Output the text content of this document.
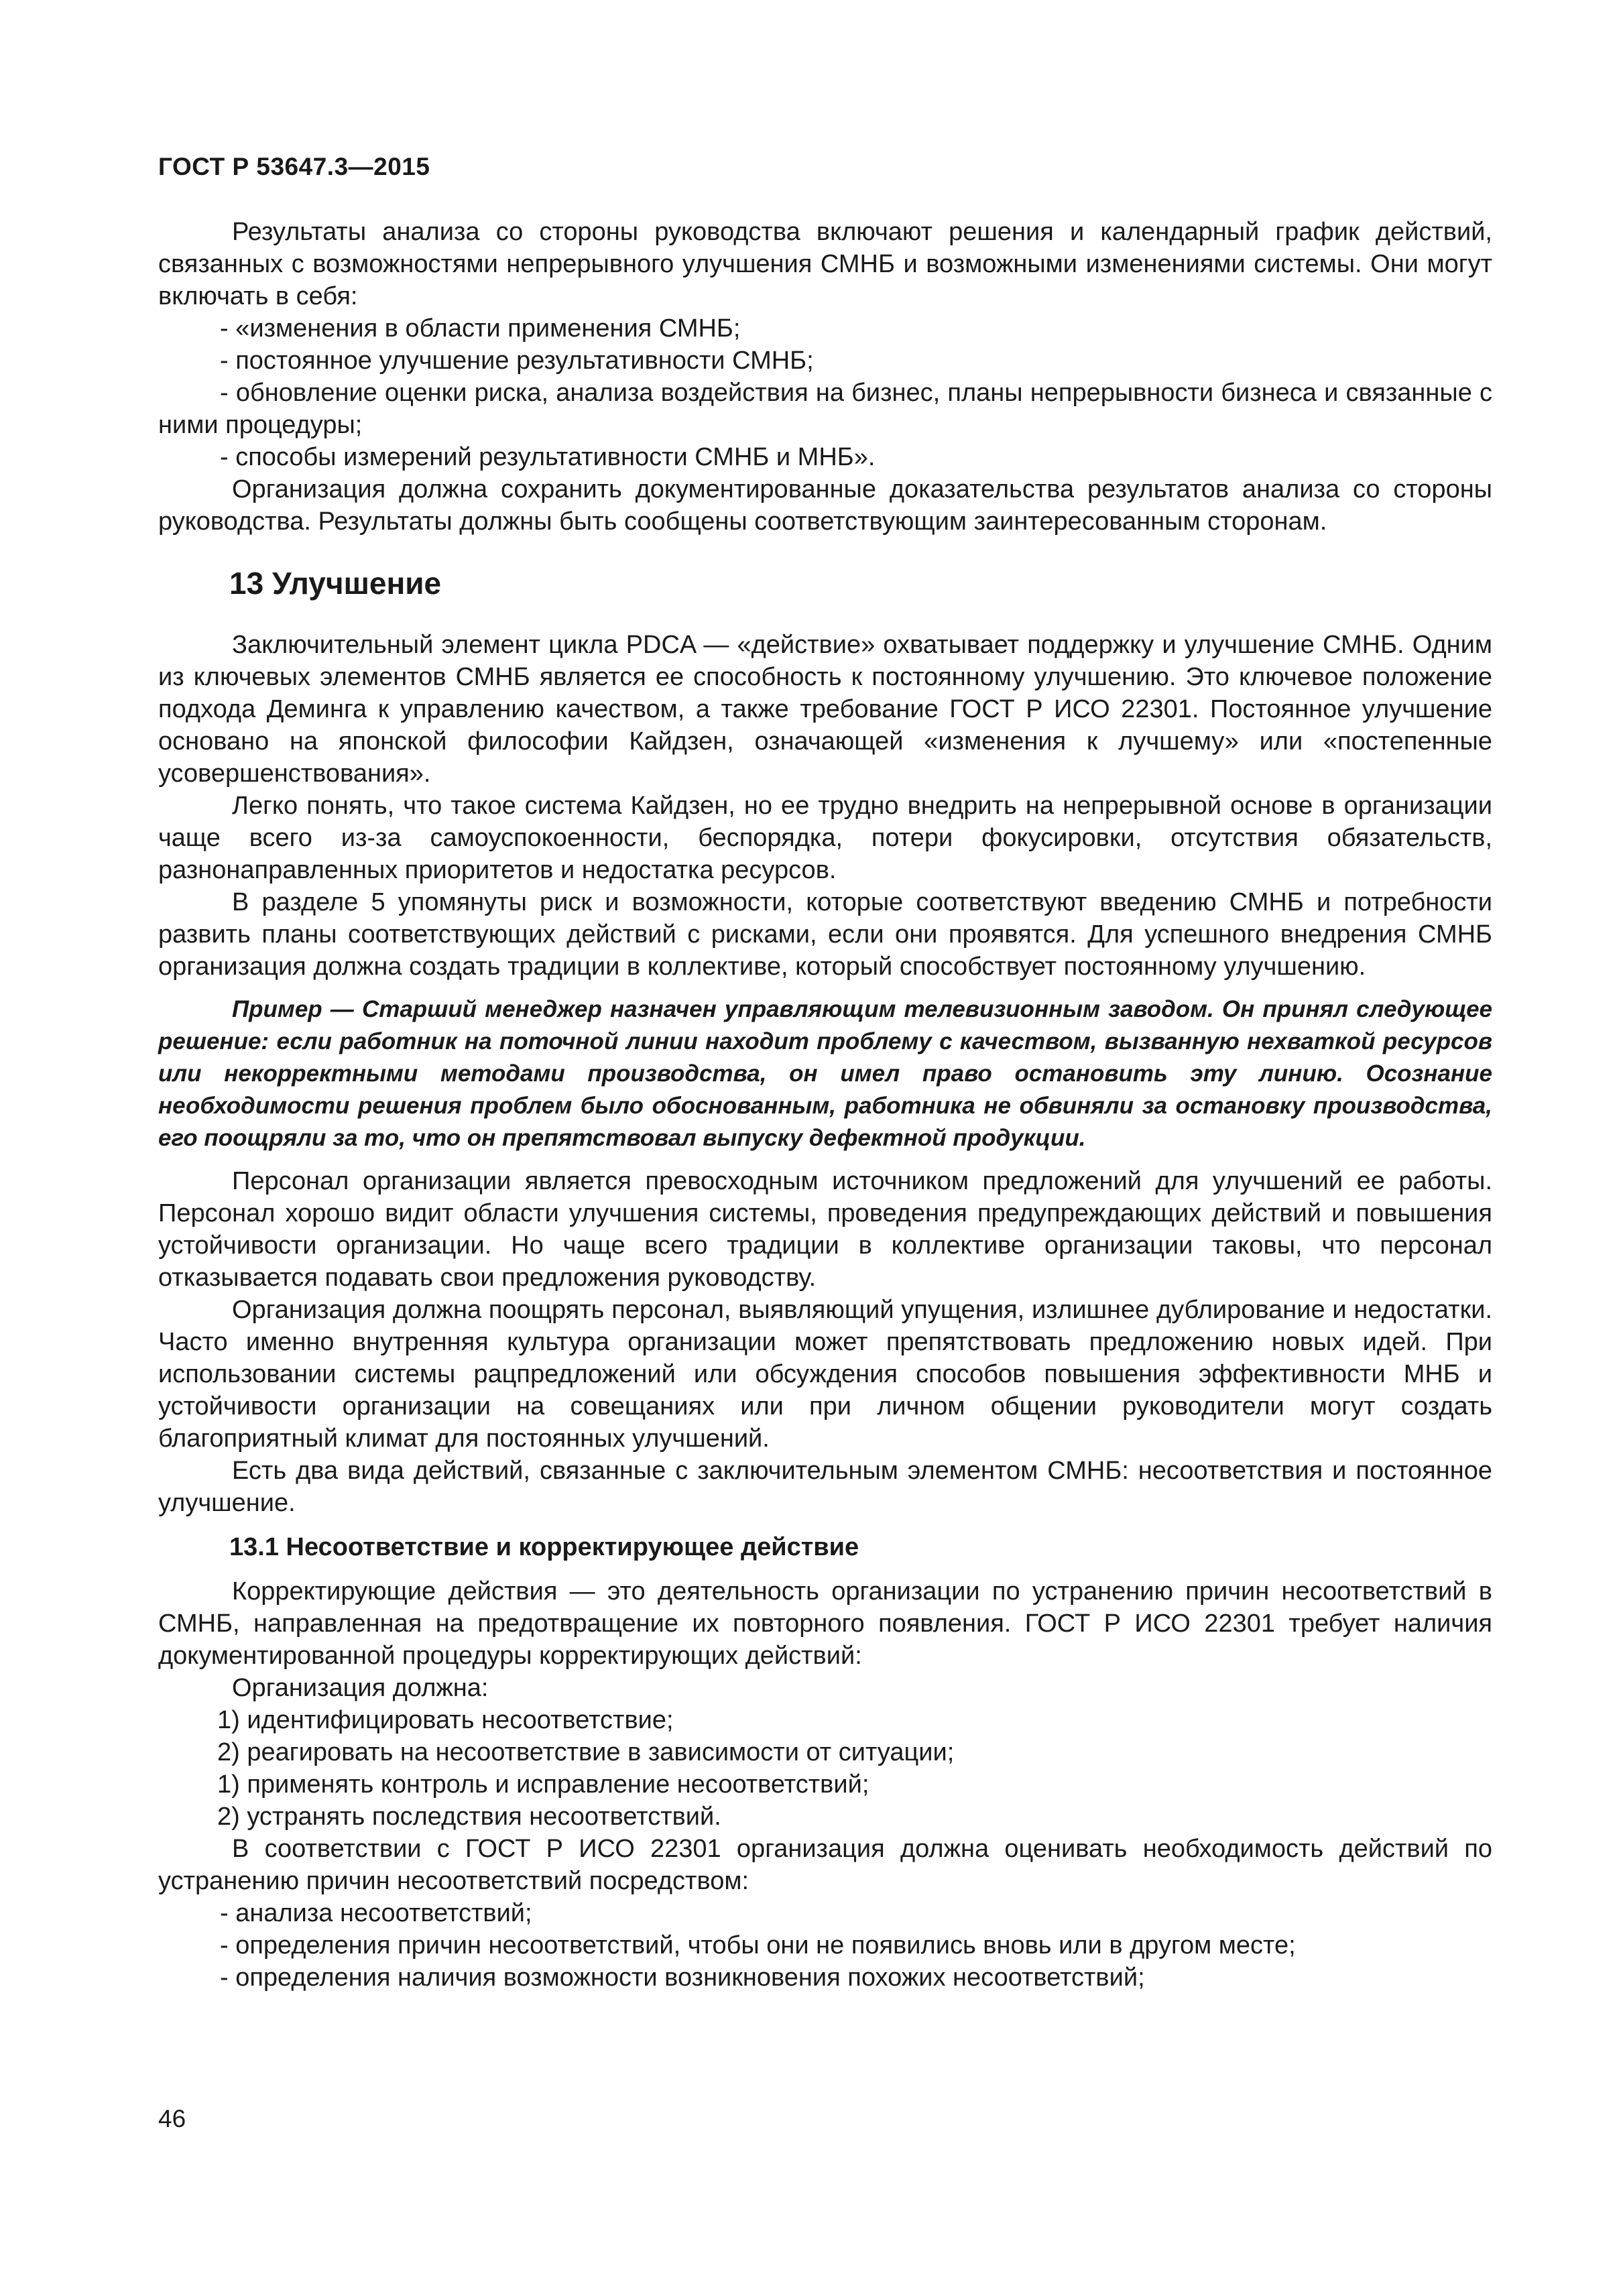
ГОСТ Р 53647.3—2015

Результаты анализа со стороны руководства включают решения и календарный график действий, связанных с возможностями непрерывного улучшения СМНБ и возможными изменениями системы. Они могут включать в себя:

- «изменения в области применения СМНБ;

- постоянное улучшение результативности СМНБ;

- обновление оценки риска, анализа воздействия на бизнес, планы непрерывности бизнеса и связанные с ними процедуры;

- способы измерений результативности СМНБ и МНБ».

Организация должна сохранить документированные доказательства результатов анализа со стороны руководства. Результаты должны быть сообщены соответствующим заинтересованным сторонам.

13 Улучшение

Заключительный элемент цикла PDCA — «действие» охватывает поддержку и улучшение СМНБ. Одним из ключевых элементов СМНБ является ее способность к постоянному улучшению. Это ключевое положение подхода Деминга к управлению качеством, а также требование ГОСТ Р ИСО 22301. Постоянное улучшение основано на японской философии Кайдзен, означающей «изменения к лучшему» или «постепенные усовершенствования».

Легко понять, что такое система Кайдзен, но ее трудно внедрить на непрерывной основе в организации чаще всего из-за самоуспокоенности, беспорядка, потери фокусировки, отсутствия обязательств, разнонаправленных приоритетов и недостатка ресурсов.

В разделе 5 упомянуты риск и возможности, которые соответствуют введению СМНБ и потребности развить планы соответствующих действий с рисками, если они проявятся. Для успешного внедрения СМНБ организация должна создать традиции в коллективе, который способствует постоянному улучшению.

Пример — Старший менеджер назначен управляющим телевизионным заводом. Он принял следующее решение: если работник на поточной линии находит проблему с качеством, вызванную нехваткой ресурсов или некорректными методами производства, он имел право остановить эту линию. Осознание необходимости решения проблем было обоснованным, работника не обвиняли за остановку производства, его поощряли за то, что он препятствовал выпуску дефектной продукции.

Персонал организации является превосходным источником предложений для улучшений ее работы. Персонал хорошо видит области улучшения системы, проведения предупреждающих действий и повышения устойчивости организации. Но чаще всего традиции в коллективе организации таковы, что персонал отказывается подавать свои предложения руководству.

Организация должна поощрять персонал, выявляющий упущения, излишнее дублирование и недостатки. Часто именно внутренняя культура организации может препятствовать предложению новых идей. При использовании системы рацпредложений или обсуждения способов повышения эффективности МНБ и устойчивости организации на совещаниях или при личном общении руководители могут создать благоприятный климат для постоянных улучшений.

Есть два вида действий, связанные с заключительным элементом СМНБ: несоответствия и постоянное улучшение.

13.1 Несоответствие и корректирующее действие

Корректирующие действия — это деятельность организации по устранению причин несоответствий в СМНБ, направленная на предотвращение их повторного появления. ГОСТ Р ИСО 22301 требует наличия документированной процедуры корректирующих действий:

Организация должна:

1) идентифицировать несоответствие;

2) реагировать на несоответствие в зависимости от ситуации;

1) применять контроль и исправление несоответствий;

2) устранять последствия несоответствий.

В соответствии с ГОСТ Р ИСО 22301 организация должна оценивать необходимость действий по устранению причин несоответствий посредством:

- анализа несоответствий;

- определения причин несоответствий, чтобы они не появились вновь или в другом месте;

- определения наличия возможности возникновения похожих несоответствий;

46
